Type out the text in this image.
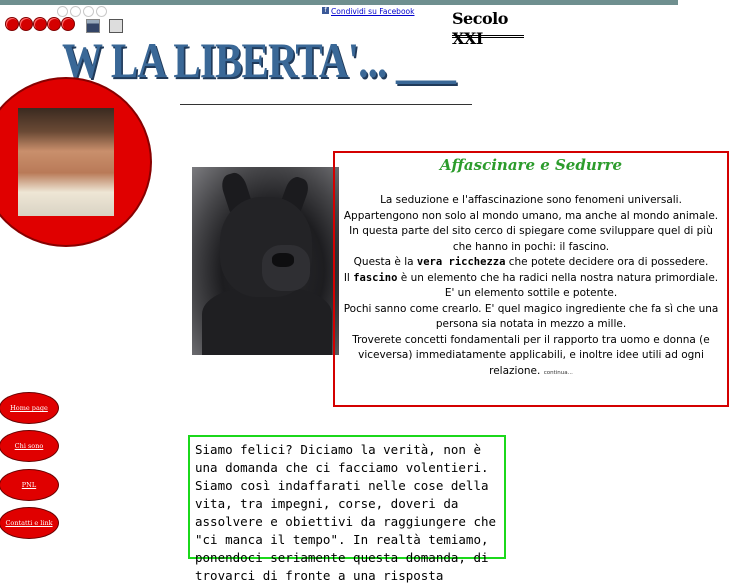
f Condividi su Facebook Secolo XXI
W LA LIBERTA'... ___
Affascinare e Sedurre
La seduzione e l'affascinazione sono fenomeni universali.
Appartengono non solo al mondo umano, ma anche al mondo animale.
In questa parte del sito cerco di spiegare come sviluppare quel di più che hanno in pochi: il fascino.
Questa è la vera ricchezza che potete decidere ora di possedere.
Il fascino è un elemento che ha radici nella nostra natura primordiale.
E' un elemento sottile e potente.
Pochi sanno come crearlo. E' quel magico ingrediente che fa sì che una persona sia notata in mezzo a mille.
Troverete concetti fondamentali per il rapporto tra uomo e donna (e viceversa) immediatamente applicabili, e inoltre idee utili ad ogni relazione. continua...
Home page
Chi sono
PNL
Contatti e link
Siamo felici? Diciamo la verità, non è una domanda che ci facciamo volentieri. Siamo così indaffarati nelle cose della vita, tra impegni, corse, doveri da assolvere e obiettivi da raggiungere che "ci manca il tempo". In realtà temiamo, ponendoci seriamente questa domanda, di trovarci di fronte a una risposta
